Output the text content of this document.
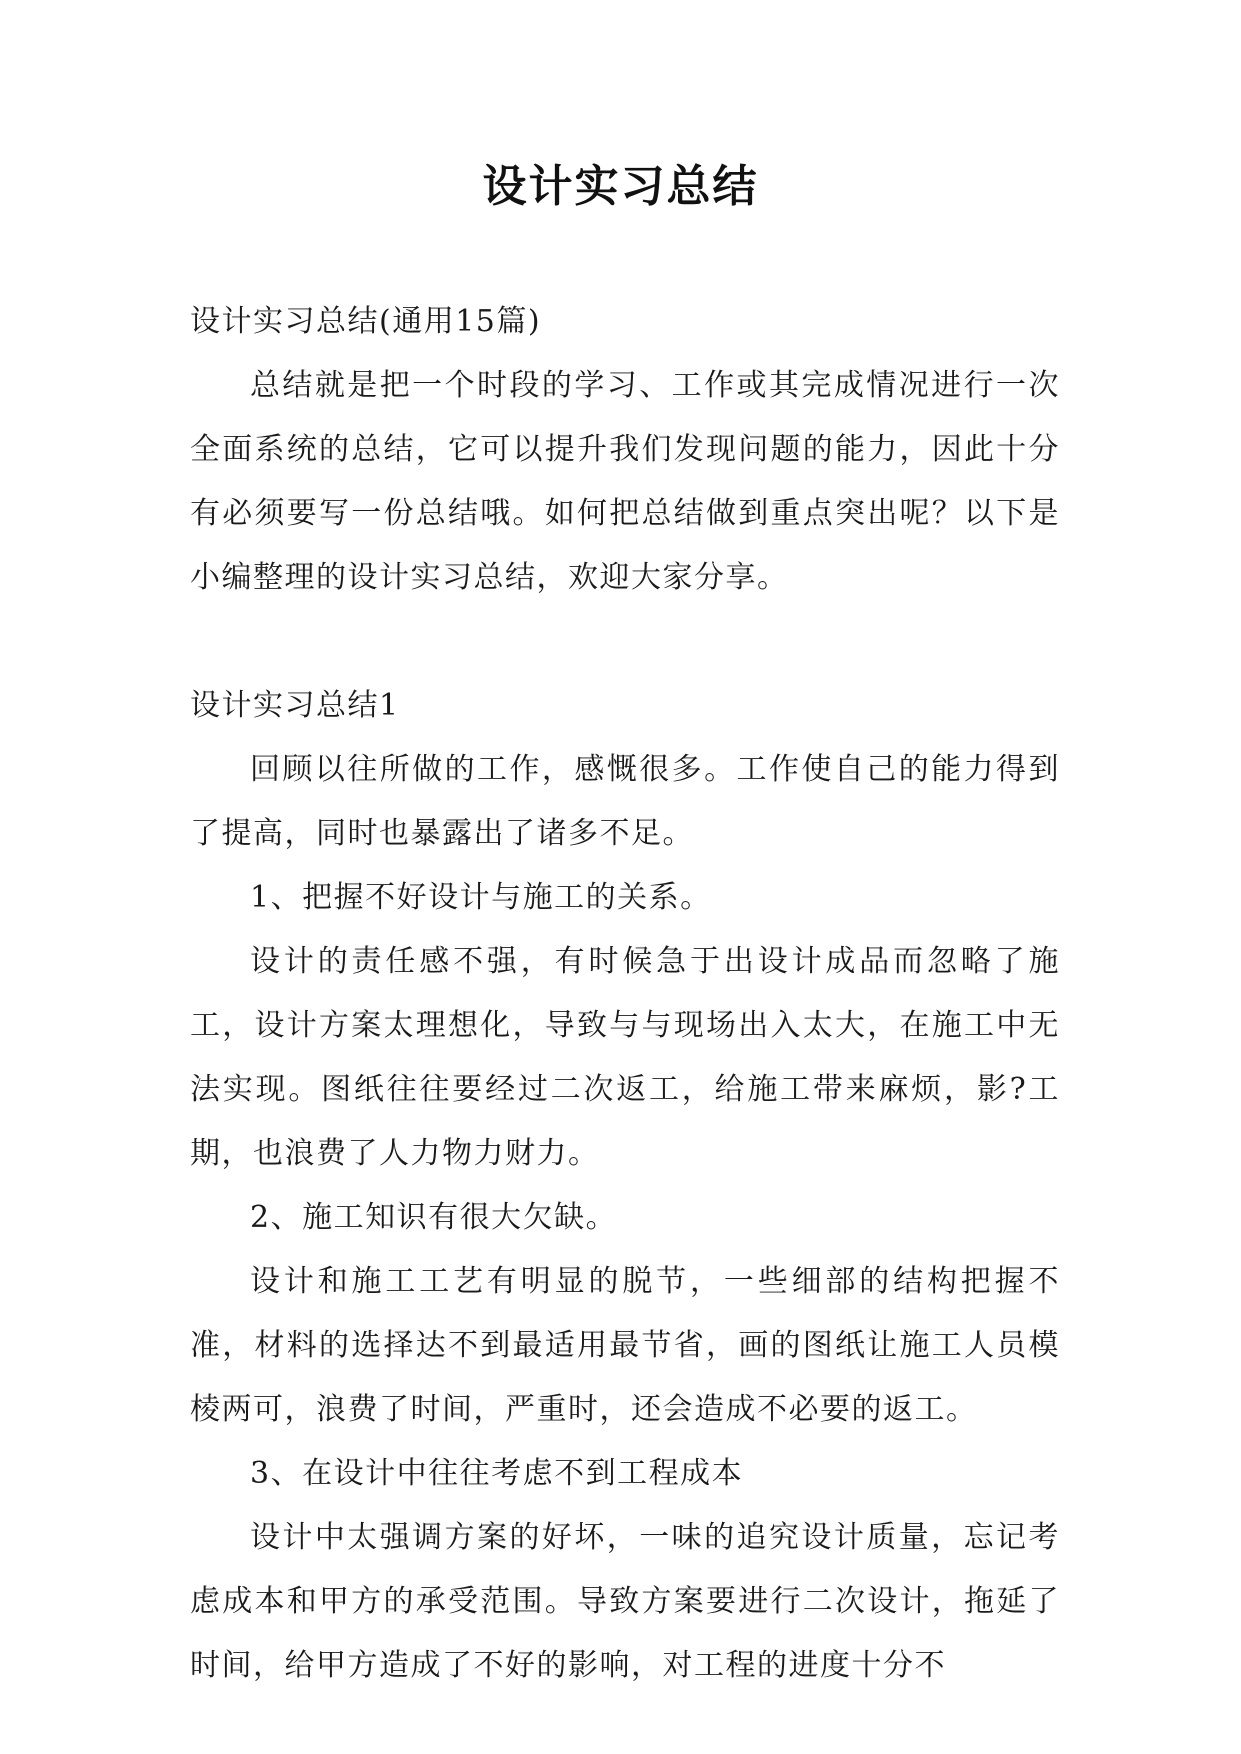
设计实习总结

设计实习总结(通用15篇)

总结就是把一个时段的学习、工作或其完成情况进行一次全面系统的总结，它可以提升我们发现问题的能力，因此十分有必须要写一份总结哦。如何把总结做到重点突出呢？以下是小编整理的设计实习总结，欢迎大家分享。

设计实习总结1

回顾以往所做的工作，感慨很多。工作使自己的能力得到了提高，同时也暴露出了诸多不足。

1、把握不好设计与施工的关系。

设计的责任感不强，有时候急于出设计成品而忽略了施工，设计方案太理想化，导致与与现场出入太大，在施工中无法实现。图纸往往要经过二次返工，给施工带来麻烦，影?工期，也浪费了人力物力财力。

2、施工知识有很大欠缺。

设计和施工工艺有明显的脱节，一些细部的结构把握不准，材料的选择达不到最适用最节省，画的图纸让施工人员模棱两可，浪费了时间，严重时，还会造成不必要的返工。

3、在设计中往往考虑不到工程成本

设计中太强调方案的好坏，一味的追究设计质量，忘记考虑成本和甲方的承受范围。导致方案要进行二次设计，拖延了时间，给甲方造成了不好的影响，对工程的进度十分不
